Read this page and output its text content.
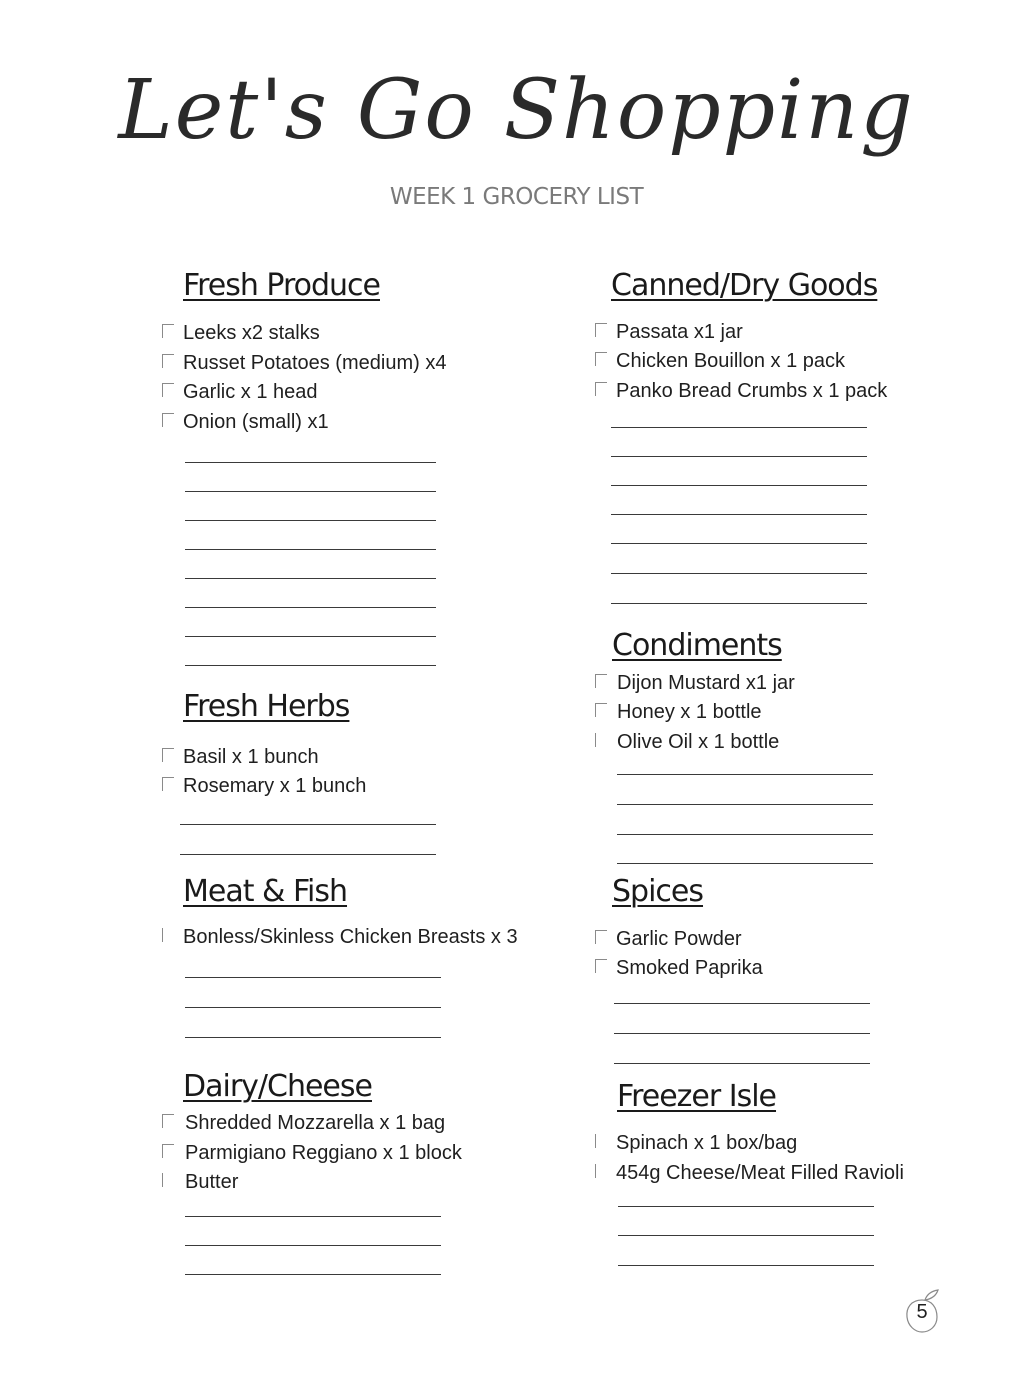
Let's Go Shopping
WEEK 1 GROCERY LIST
Fresh Produce
Leeks x2 stalks
Russet Potatoes (medium) x4
Garlic x 1 head
Onion (small) x1
Fresh Herbs
Basil x 1 bunch
Rosemary x 1 bunch
Meat & Fish
Bonless/Skinless Chicken Breasts x 3
Dairy/Cheese
Shredded Mozzarella x 1 bag
Parmigiano Reggiano x 1 block
Butter
Canned/Dry Goods
Passata x1 jar
Chicken Bouillon x 1 pack
Panko Bread Crumbs x 1 pack
Condiments
Dijon Mustard x1 jar
Honey x 1 bottle
Olive Oil x 1 bottle
Spices
Garlic Powder
Smoked Paprika
Freezer Isle
Spinach x 1 box/bag
454g Cheese/Meat Filled Ravioli
5
